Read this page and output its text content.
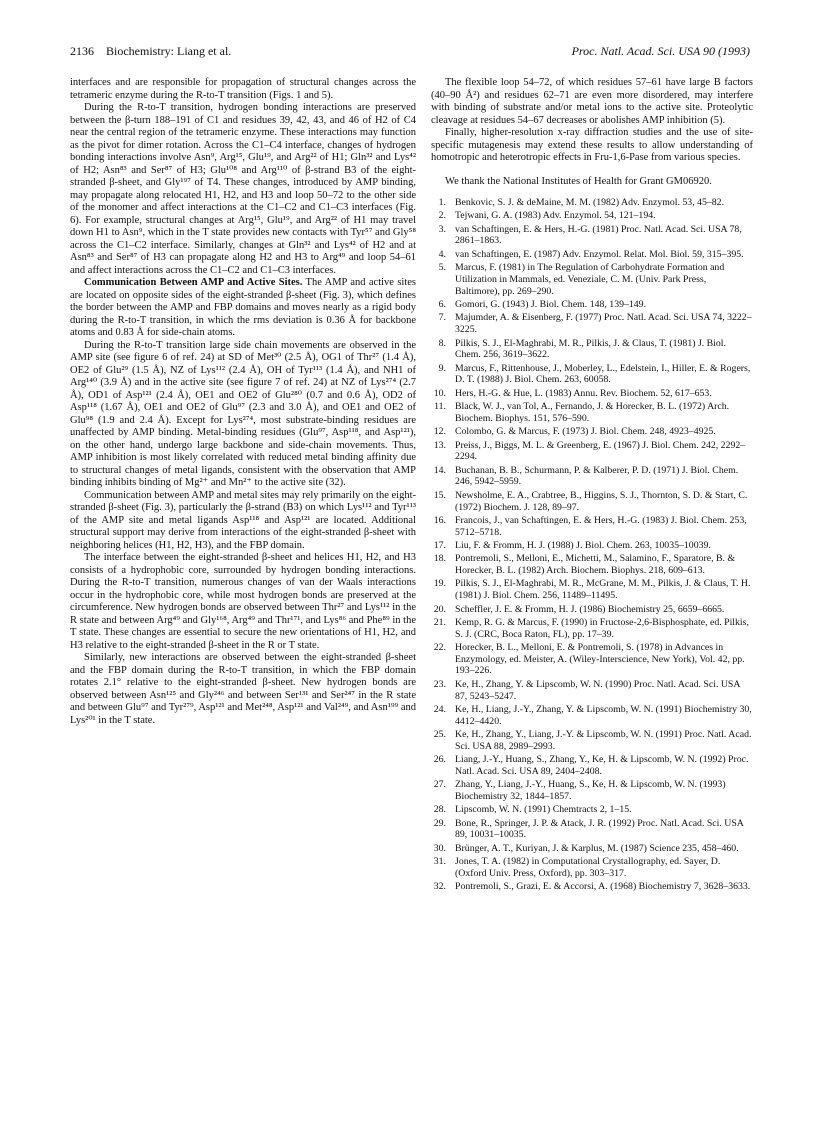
2136 Biochemistry: Liang et al.	Proc. Natl. Acad. Sci. USA 90 (1993)

interfaces and are responsible for propagation of structural changes across the tetrameric enzyme during the R-to-T transition (Figs. 1 and 5).

During the R-to-T transition, hydrogen bonding interactions are preserved between the β-turn 188–191 of C1 and residues 39, 42, 43, and 46 of H2 of C4 near the central region of the tetrameric enzyme. These interactions may function as the pivot for dimer rotation. Across the C1–C4 interface, changes of hydrogen bonding interactions involve Asn⁹, Arg¹⁵, Glu¹⁹, and Arg²² of H1; Gln³² and Lys⁴² of H2; Asn⁸³ and Ser⁸⁷ of H3; Glu¹⁰⁸ and Arg¹¹⁰ of β-strand B3 of the eight-stranded β-sheet, and Gly¹⁹⁷ of T4. These changes, introduced by AMP binding, may propagate along relocated H1, H2, and H3 and loop 50–72 to the other side of the monomer and affect interactions at the C1–C2 and C1–C3 interfaces (Fig. 6). For example, structural changes at Arg¹⁵, Glu¹⁹, and Arg²² of H1 may travel down H1 to Asn⁹, which in the T state provides new contacts with Tyr⁵⁷ and Gly⁵⁸ across the C1–C2 interface. Similarly, changes at Gln³² and Lys⁴² of H2 and at Asn⁸³ and Ser⁸⁷ of H3 can propagate along H2 and H3 to Arg⁴⁹ and loop 54–61 and affect interactions across the C1–C2 and C1–C3 interfaces.

Communication Between AMP and Active Sites. The AMP and active sites are located on opposite sides of the eight-stranded β-sheet (Fig. 3), which defines the border between the AMP and FBP domains and moves nearly as a rigid body during the R-to-T transition, in which the rms deviation is 0.36 Å for backbone atoms and 0.83 Å for side-chain atoms.

During the R-to-T transition large side chain movements are observed in the AMP site (see figure 6 of ref. 24) at SD of Met³⁰ (2.5 Å), OG1 of Thr²⁷ (1.4 Å), OE2 of Glu²⁹ (1.5 Å), NZ of Lys¹¹² (2.4 Å), OH of Tyr¹¹³ (1.4 Å), and NH1 of Arg¹⁴⁰ (3.9 Å) and in the active site (see figure 7 of ref. 24) at NZ of Lys²⁷⁴ (2.7 Å), OD1 of Asp¹²¹ (2.4 Å), OE1 and OE2 of Glu²⁸⁰ (0.7 and 0.6 Å), OD2 of Asp¹¹⁸ (1.67 Å), OE1 and OE2 of Glu⁹⁷ (2.3 and 3.0 Å), and OE1 and OE2 of Glu⁹⁸ (1.9 and 2.4 Å). Except for Lys²⁷⁴, most substrate-binding residues are unaffected by AMP binding. Metal-binding residues (Glu⁹⁷, Asp¹¹⁸, and Asp¹²¹), on the other hand, undergo large backbone and side-chain movements. Thus, AMP inhibition is most likely correlated with reduced metal binding affinity due to structural changes of metal ligands, consistent with the observation that AMP binding inhibits binding of Mg²⁺ and Mn²⁺ to the active site (32).

Communication between AMP and metal sites may rely primarily on the eight-stranded β-sheet (Fig. 3), particularly the β-strand (B3) on which Lys¹¹² and Tyr¹¹³ of the AMP site and metal ligands Asp¹¹⁸ and Asp¹²¹ are located. Additional structural support may derive from interactions of the eight-stranded β-sheet with neighboring helices (H1, H2, H3), and the FBP domain.

The interface between the eight-stranded β-sheet and helices H1, H2, and H3 consists of a hydrophobic core, surrounded by hydrogen bonding interactions. During the R-to-T transition, numerous changes of van der Waals interactions occur in the hydrophobic core, while most hydrogen bonds are preserved at the circumference. New hydrogen bonds are observed between Thr²⁷ and Lys¹¹² in the R state and between Arg⁴⁹ and Gly¹⁶⁸, Arg⁴⁹ and Thr¹⁷¹, and Lys⁸⁶ and Phe⁸⁹ in the T state. These changes are essential to secure the new orientations of H1, H2, and H3 relative to the eight-stranded β-sheet in the R or T state.

Similarly, new interactions are observed between the eight-stranded β-sheet and the FBP domain during the R-to-T transition, in which the FBP domain rotates 2.1° relative to the eight-stranded β-sheet. New hydrogen bonds are observed between Asn¹²⁵ and Gly²⁴⁶ and between Ser¹³¹ and Ser²⁴⁷ in the R state and between Glu⁹⁷ and Tyr²⁷⁹, Asp¹²¹ and Met²⁴⁸, Asp¹²¹ and Val²⁴⁹, and Asn¹⁹⁹ and Lys²⁰¹ in the T state.

The flexible loop 54–72, of which residues 57–61 have large B factors (40–90 Å²) and residues 62–71 are even more disordered, may interfere with binding of substrate and/or metal ions to the active site. Proteolytic cleavage at residues 54–67 decreases or abolishes AMP inhibition (5).

Finally, higher-resolution x-ray diffraction studies and the use of site-specific mutagenesis may extend these results to allow understanding of homotropic and heterotropic effects in Fru-1,6-Pase from various species.

We thank the National Institutes of Health for Grant GM06920.

1. Benkovic, S. J. & deMaine, M. M. (1982) Adv. Enzymol. 53, 45–82.
2. Tejwani, G. A. (1983) Adv. Enzymol. 54, 121–194.
3. van Schaftingen, E. & Hers, H.-G. (1981) Proc. Natl. Acad. Sci. USA 78, 2861–1863.
4. van Schaftingen, E. (1987) Adv. Enzymol. Relat. Mol. Biol. 59, 315–395.
5. Marcus, F. (1981) in The Regulation of Carbohydrate Formation and Utilization in Mammals, ed. Veneziale, C. M. (Univ. Park Press, Baltimore), pp. 269–290.
6. Gomori, G. (1943) J. Biol. Chem. 148, 139–149.
7. Majumder, A. & Eisenberg, F. (1977) Proc. Natl. Acad. Sci. USA 74, 3222–3225.
8. Pilkis, S. J., El-Maghrabi, M. R., Pilkis, J. & Claus, T. (1981) J. Biol. Chem. 256, 3619–3622.
9. Marcus, F., Rittenhouse, J., Moberley, L., Edelstein, I., Hiller, E. & Rogers, D. T. (1988) J. Biol. Chem. 263, 60058.
10. Hers, H.-G. & Hue, L. (1983) Annu. Rev. Biochem. 52, 617–653.
11. Black, W. J., van Tol, A., Fernando, J. & Horecker, B. L. (1972) Arch. Biochem. Biophys. 151, 576–590.
12. Colombo, G. & Marcus, F. (1973) J. Biol. Chem. 248, 4923–4925.
13. Preiss, J., Biggs, M. L. & Greenberg, E. (1967) J. Biol. Chem. 242, 2292–2294.
14. Buchanan, B. B., Schurmann, P. & Kalberer, P. D. (1971) J. Biol. Chem. 246, 5942–5959.
15. Newsholme, E. A., Crabtree, B., Higgins, S. J., Thornton, S. D. & Start, C. (1972) Biochem. J. 128, 89–97.
16. Francois, J., van Schaftingen, E. & Hers, H.-G. (1983) J. Biol. Chem. 253, 5712–5718.
17. Liu, F. & Fromm, H. J. (1988) J. Biol. Chem. 263, 10035–10039.
18. Pontremoli, S., Melloni, E., Michetti, M., Salamino, F., Sparatore, B. & Horecker, B. L. (1982) Arch. Biochem. Biophys. 218, 609–613.
19. Pilkis, S. J., El-Maghrabi, M. R., McGrane, M. M., Pilkis, J. & Claus, T. H. (1981) J. Biol. Chem. 256, 11489–11495.
20. Scheffler, J. E. & Fromm, H. J. (1986) Biochemistry 25, 6659–6665.
21. Kemp, R. G. & Marcus, F. (1990) in Fructose-2,6-Bisphosphate, ed. Pilkis, S. J. (CRC, Boca Raton, FL), pp. 17–39.
22. Horecker, B. L., Melloni, E. & Pontremoli, S. (1978) in Advances in Enzymology, ed. Meister, A. (Wiley-Interscience, New York), Vol. 42, pp. 193–226.
23. Ke, H., Zhang, Y. & Lipscomb, W. N. (1990) Proc. Natl. Acad. Sci. USA 87, 5243–5247.
24. Ke, H., Liang, J.-Y., Zhang, Y. & Lipscomb, W. N. (1991) Biochemistry 30, 4412–4420.
25. Ke, H., Zhang, Y., Liang, J.-Y. & Lipscomb, W. N. (1991) Proc. Natl. Acad. Sci. USA 88, 2989–2993.
26. Liang, J.-Y., Huang, S., Zhang, Y., Ke, H. & Lipscomb, W. N. (1992) Proc. Natl. Acad. Sci. USA 89, 2404–2408.
27. Zhang, Y., Liang, J.-Y., Huang, S., Ke, H. & Lipscomb, W. N. (1993) Biochemistry 32, 1844–1857.
28. Lipscomb, W. N. (1991) Chemtracts 2, 1–15.
29. Bone, R., Springer, J. P. & Atack, J. R. (1992) Proc. Natl. Acad. Sci. USA 89, 10031–10035.
30. Brünger, A. T., Kuriyan, J. & Karplus, M. (1987) Science 235, 458–460.
31. Jones, T. A. (1982) in Computational Crystallography, ed. Sayer, D. (Oxford Univ. Press, Oxford), pp. 303–317.
32. Pontremoli, S., Grazi, E. & Accorsi, A. (1968) Biochemistry 7, 3628–3633.
